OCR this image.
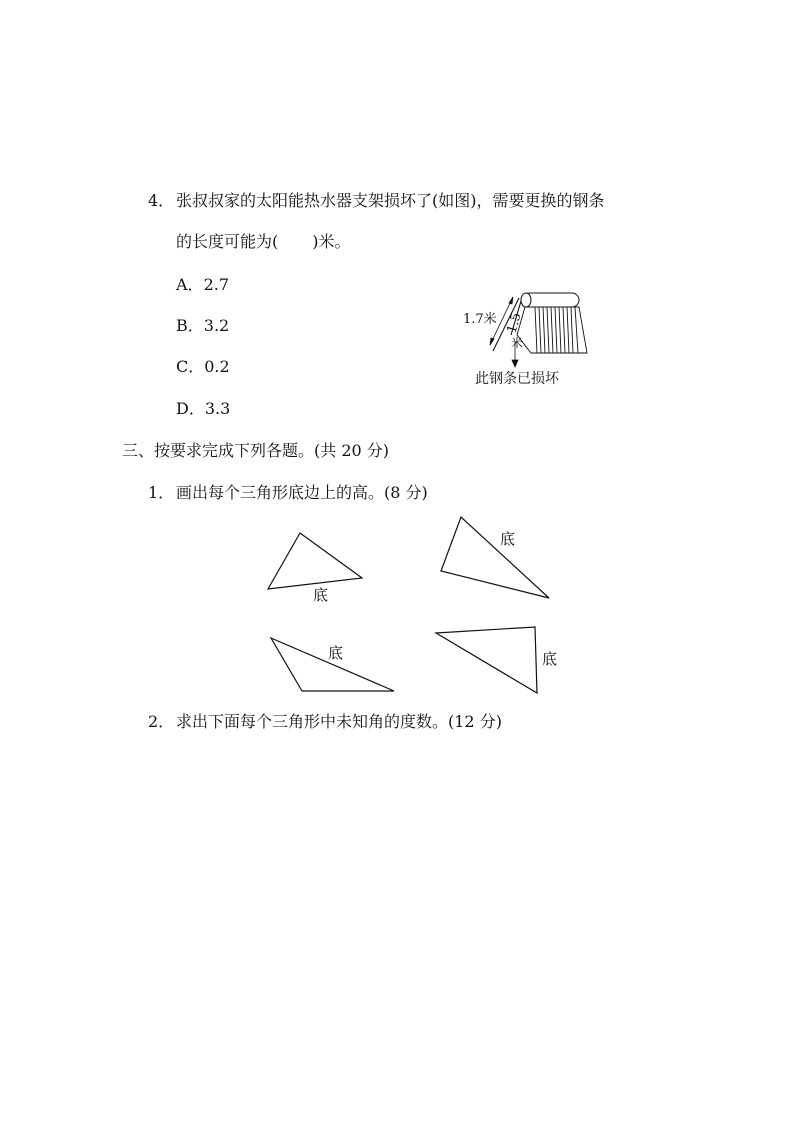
4． 张叔叔家的太阳能热水器支架损坏了(如图)，需要更换的钢条
的长度可能为( )米。
A．2.7
B．3.2
C．0.2
D．3.3
1.7米 1.5
米
此钢条已损坏
三、按要求完成下列各题。(共 20 分)
1． 画出每个三角形底边上的高。(8 分)
底
底
底	底
2． 求出下面每个三角形中未知角的度数。(12 分)
